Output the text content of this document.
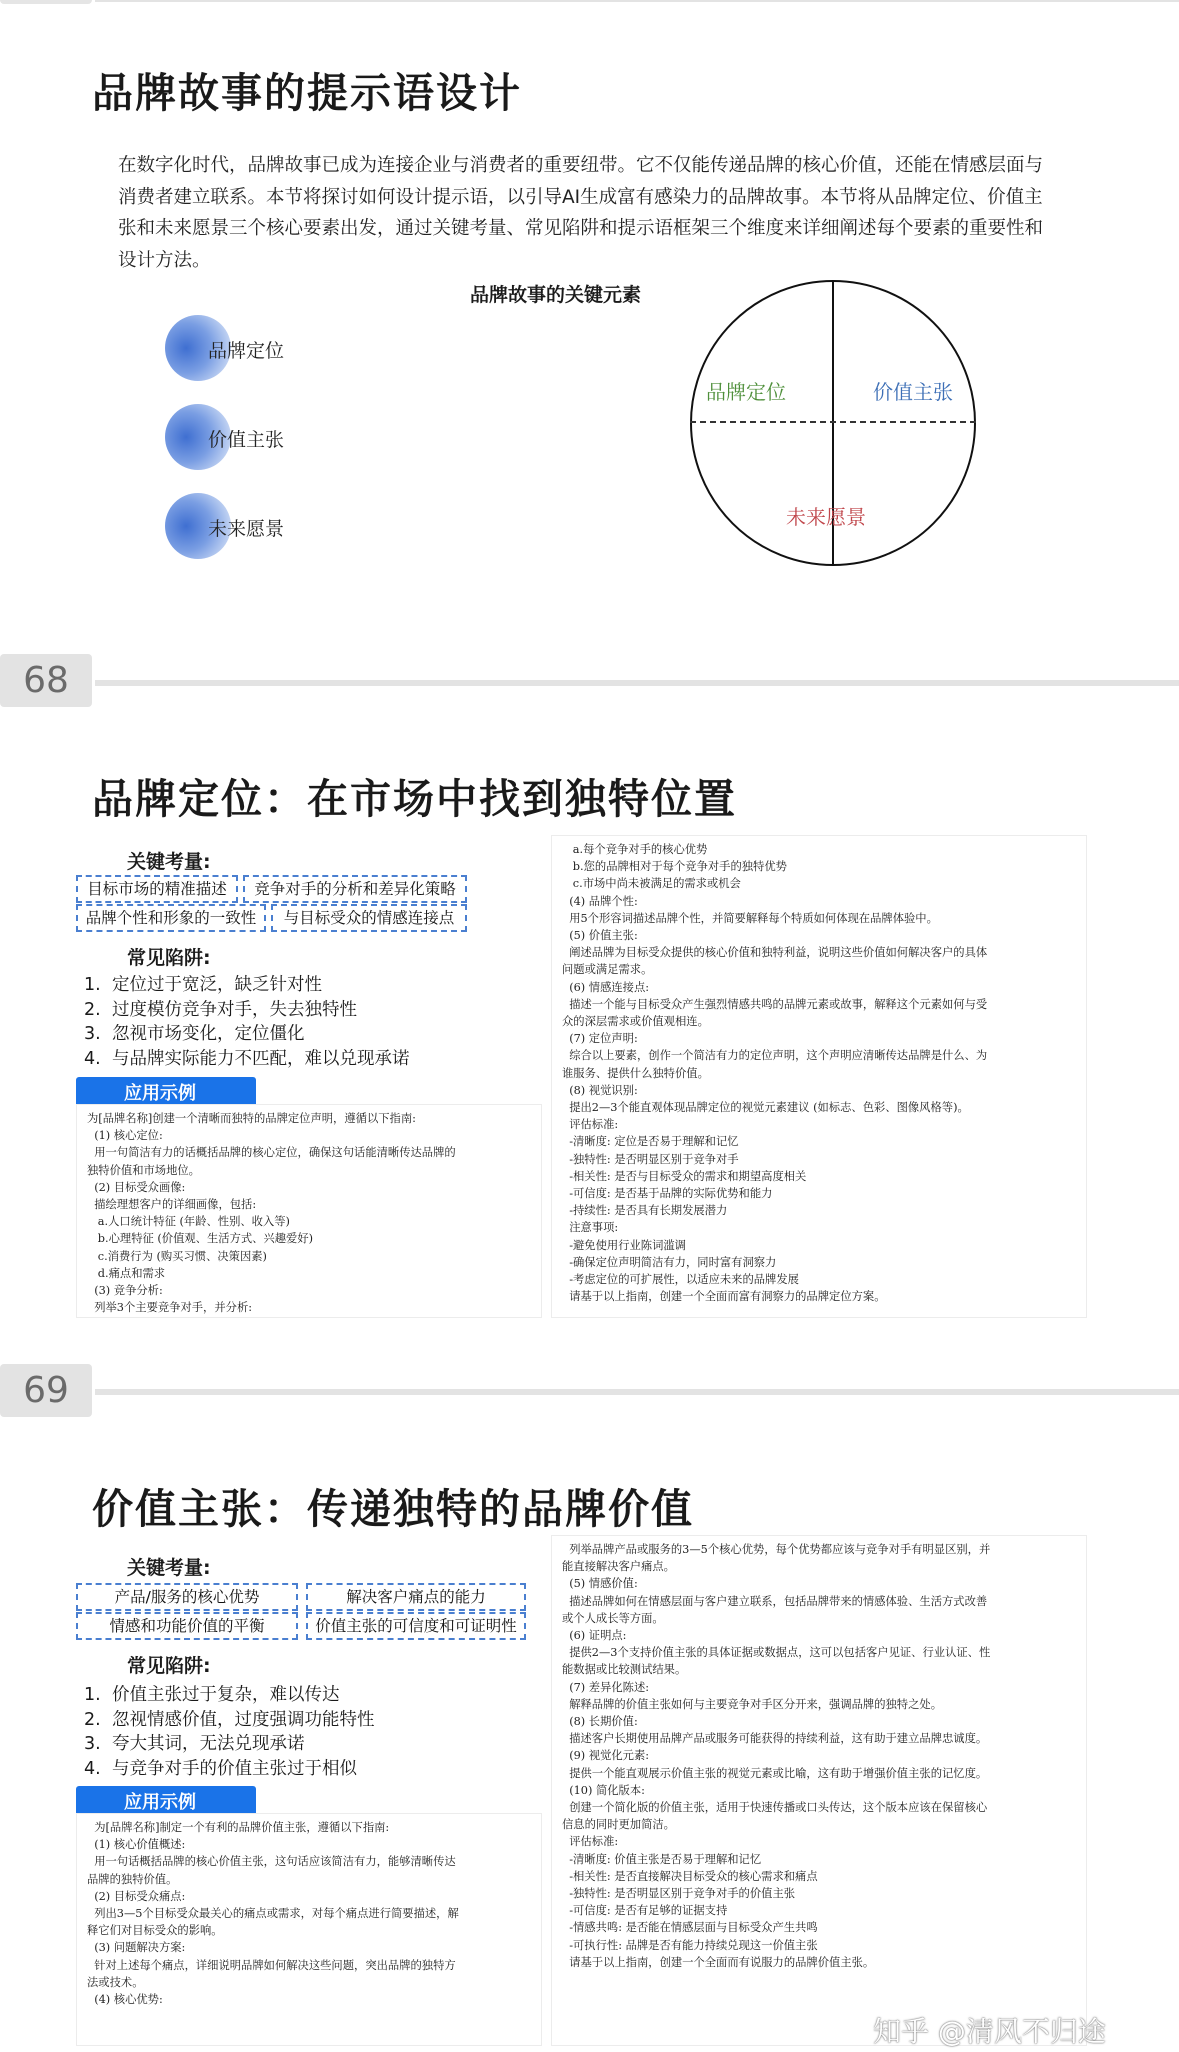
品牌故事的提示语设计
在数字化时代，品牌故事已成为连接企业与消费者的重要纽带。它不仅能传递品牌的核心价值，还能在情感层面与消费者建立联系。本节将探讨如何设计提示语，以引导AI生成富有感染力的品牌故事。本节将从品牌定位、价值主张和未来愿景三个核心要素出发，通过关键考量、常见陷阱和提示语框架三个维度来详细阐述每个要素的重要性和设计方法。
品牌故事的关键元素
品牌定位
价值主张
未来愿景
品牌定位	价值主张
未来愿景
68
品牌定位：在市场中找到独特位置
关键考量:
目标市场的精准描述	竞争对手的分析和差异化策略
品牌个性和形象的一致性	与目标受众的情感连接点
常见陷阱:
1. 定位过于宽泛，缺乏针对性
2. 过度模仿竞争对手，失去独特性
3. 忽视市场变化，定位僵化
4. 与品牌实际能力不匹配，难以兑现承诺
应用示例
为[品牌名称]创建一个清晰而独特的品牌定位声明，遵循以下指南:
(1) 核心定位:
用一句简洁有力的话概括品牌的核心定位，确保这句话能清晰传达品牌的
独特价值和市场地位。
(2) 目标受众画像:
描绘理想客户的详细画像，包括:
a.人口统计特征 (年龄、性别、收入等)
b.心理特征 (价值观、生活方式、兴趣爱好)
c.消费行为 (购买习惯、决策因素)
d.痛点和需求
(3) 竞争分析:
列举3个主要竞争对手，并分析:
a.每个竞争对手的核心优势
b.您的品牌相对于每个竞争对手的独特优势
c.市场中尚未被满足的需求或机会
(4) 品牌个性:
用5个形容词描述品牌个性，并简要解释每个特质如何体现在品牌体验中。
(5) 价值主张:
阐述品牌为目标受众提供的核心价值和独特利益，说明这些价值如何解决客户的具体
问题或满足需求。
(6) 情感连接点:
描述一个能与目标受众产生强烈情感共鸣的品牌元素或故事，解释这个元素如何与受
众的深层需求或价值观相连。
(7) 定位声明:
综合以上要素，创作一个简洁有力的定位声明，这个声明应清晰传达品牌是什么、为
谁服务、提供什么独特价值。
(8) 视觉识别:
提出2—3个能直观体现品牌定位的视觉元素建议 (如标志、色彩、图像风格等)。
评估标准:
-清晰度: 定位是否易于理解和记忆
-独特性: 是否明显区别于竞争对手
-相关性: 是否与目标受众的需求和期望高度相关
-可信度: 是否基于品牌的实际优势和能力
-持续性: 是否具有长期发展潜力
注意事项:
-避免使用行业陈词滥调
-确保定位声明简洁有力，同时富有洞察力
-考虑定位的可扩展性，以适应未来的品牌发展
请基于以上指南，创建一个全面而富有洞察力的品牌定位方案。
69
价值主张：传递独特的品牌价值
关键考量:
产品/服务的核心优势	解决客户痛点的能力
情感和功能价值的平衡	价值主张的可信度和可证明性
常见陷阱:
1. 价值主张过于复杂，难以传达
2. 忽视情感价值，过度强调功能特性
3. 夸大其词，无法兑现承诺
4. 与竞争对手的价值主张过于相似
应用示例
为[品牌名称]制定一个有利的品牌价值主张，遵循以下指南:
(1) 核心价值概述:
用一句话概括品牌的核心价值主张，这句话应该简洁有力，能够清晰传达
品牌的独特价值。
(2) 目标受众痛点:
列出3—5个目标受众最关心的痛点或需求，对每个痛点进行简要描述，解
释它们对目标受众的影响。
(3) 问题解决方案:
针对上述每个痛点，详细说明品牌如何解决这些问题，突出品牌的独特方
法或技术。
(4) 核心优势:
列举品牌产品或服务的3—5个核心优势，每个优势都应该与竞争对手有明显区别，并
能直接解决客户痛点。
(5) 情感价值:
描述品牌如何在情感层面与客户建立联系，包括品牌带来的情感体验、生活方式改善
或个人成长等方面。
(6) 证明点:
提供2—3个支持价值主张的具体证据或数据点，这可以包括客户见证、行业认证、性
能数据或比较测试结果。
(7) 差异化陈述:
解释品牌的价值主张如何与主要竞争对手区分开来，强调品牌的独特之处。
(8) 长期价值:
描述客户长期使用品牌产品或服务可能获得的持续利益，这有助于建立品牌忠诚度。
(9) 视觉化元素:
提供一个能直观展示价值主张的视觉元素或比喻，这有助于增强价值主张的记忆度。
(10) 简化版本:
创建一个简化版的价值主张，适用于快速传播或口头传达，这个版本应该在保留核心
信息的同时更加简洁。
评估标准:
-清晰度: 价值主张是否易于理解和记忆
-相关性: 是否直接解决目标受众的核心需求和痛点
-独特性: 是否明显区别于竞争对手的价值主张
-可信度: 是否有足够的证据支持
-情感共鸣: 是否能在情感层面与目标受众产生共鸣
-可执行性: 品牌是否有能力持续兑现这一价值主张
请基于以上指南，创建一个全面而有说服力的品牌价值主张。
知乎 @清风不归途
